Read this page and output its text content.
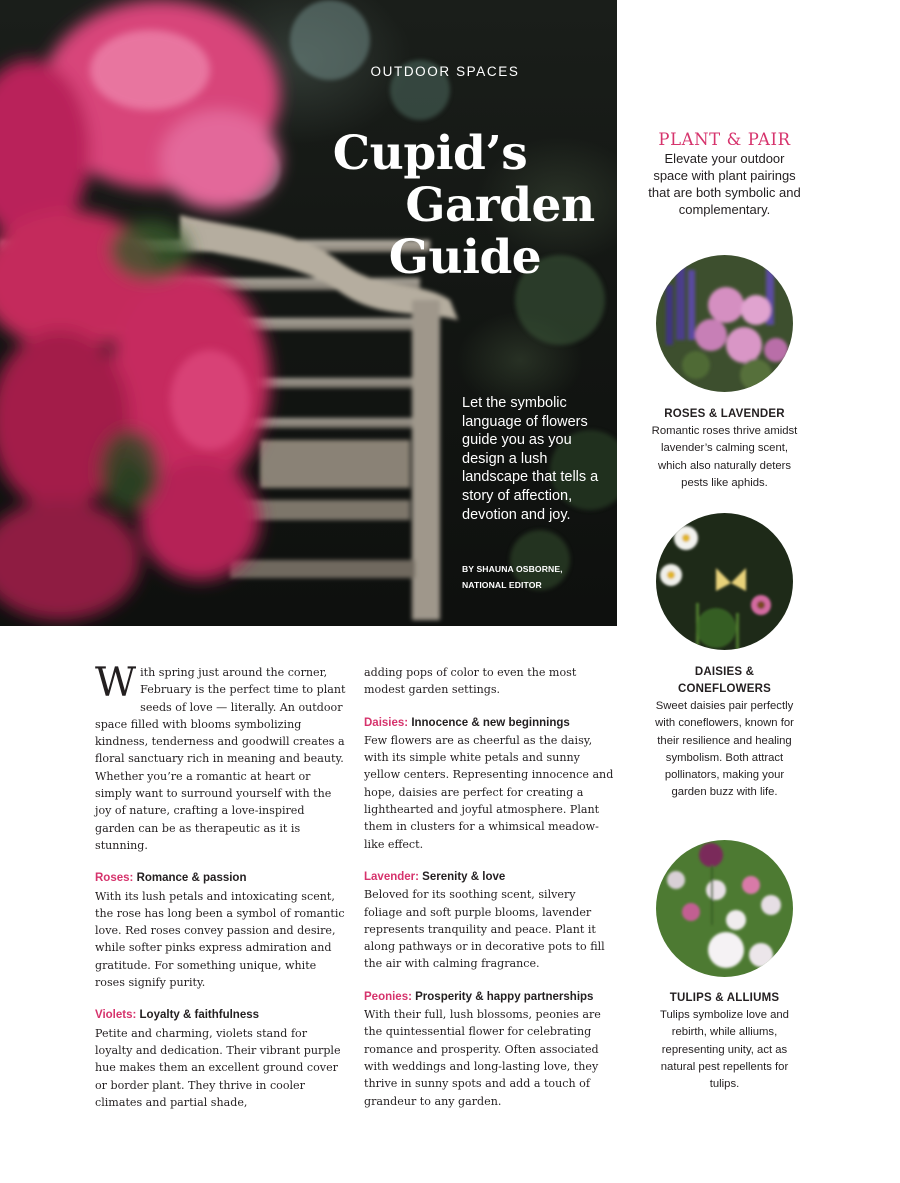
OUTDOOR SPACES
Cupid’s
Garden
Guide
Let the symbolic language of flowers guide you as you design a lush landscape that tells a story of affection, devotion and joy.
BY SHAUNA OSBORNE,
NATIONAL EDITOR

With spring just around the corner, February is the perfect time to plant seeds of love — literally. An outdoor space filled with blooms symbolizing kindness, tenderness and goodwill creates a floral sanctuary rich in meaning and beauty. Whether you’re a romantic at heart or simply want to surround yourself with the joy of nature, crafting a love-inspired garden can be as therapeutic as it is stunning.

Roses: Romance & passion
With its lush petals and intoxicating scent, the rose has long been a symbol of romantic love. Red roses convey passion and desire, while softer pinks express admiration and gratitude. For something unique, white roses signify purity.

Violets: Loyalty & faithfulness
Petite and charming, violets stand for loyalty and dedication. Their vibrant purple hue makes them an excellent ground cover or border plant. They thrive in cooler climates and partial shade,

adding pops of color to even the most modest garden settings.

Daisies: Innocence & new beginnings
Few flowers are as cheerful as the daisy, with its simple white petals and sunny yellow centers. Representing innocence and hope, daisies are perfect for creating a lighthearted and joyful atmosphere. Plant them in clusters for a whimsical meadow-like effect.

Lavender: Serenity & love
Beloved for its soothing scent, silvery foliage and soft purple blooms, lavender represents tranquility and peace. Plant it along pathways or in decorative pots to fill the air with calming fragrance.

Peonies: Prosperity & happy partnerships
With their full, lush blossoms, peonies are the quintessential flower for celebrating romance and prosperity. Often associated with weddings and long-lasting love, they thrive in sunny spots and add a touch of grandeur to any garden.

PLANT & PAIR
Elevate your outdoor space with plant pairings that are both symbolic and complementary.
ROSES & LAVENDER
Romantic roses thrive amidst lavender’s calming scent, which also naturally deters pests like aphids.
DAISIES & CONEFLOWERS
Sweet daisies pair perfectly with coneflowers, known for their resilience and healing symbolism. Both attract pollinators, making your garden buzz with life.
TULIPS & ALLIUMS
Tulips symbolize love and rebirth, while alliums, representing unity, act as natural pest repellents for tulips.
